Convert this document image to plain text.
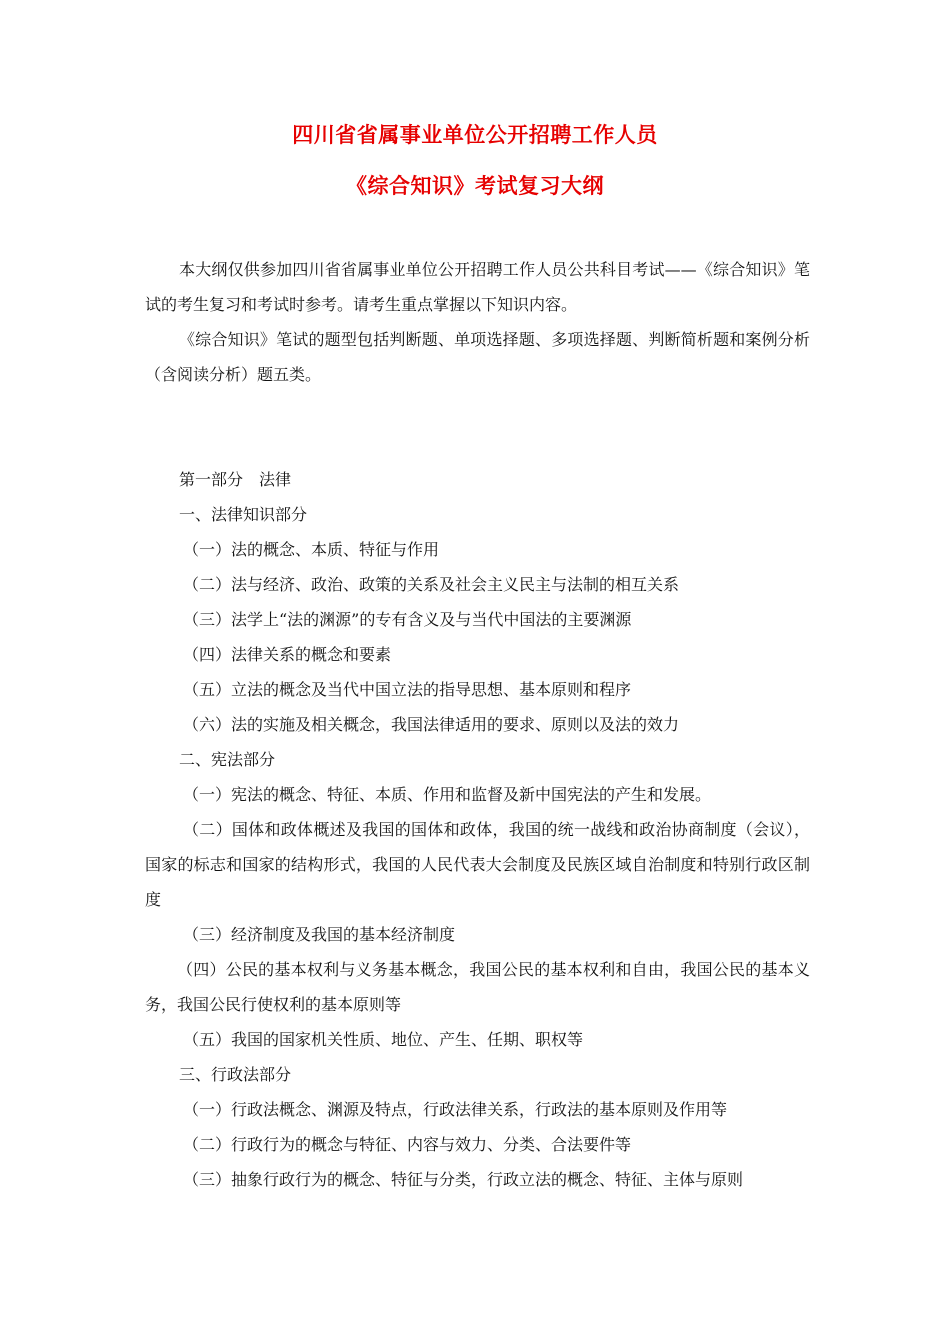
四川省省属事业单位公开招聘工作人员
《综合知识》考试复习大纲

本大纲仅供参加四川省省属事业单位公开招聘工作人员公共科目考试——《综合知识》笔试的考生复习和考试时参考。请考生重点掌握以下知识内容。

《综合知识》笔试的题型包括判断题、单项选择题、多项选择题、判断简析题和案例分析（含阅读分析）题五类。

第一部分　法律

一、法律知识部分

（一）法的概念、本质、特征与作用

（二）法与经济、政治、政策的关系及社会主义民主与法制的相互关系

（三）法学上“法的渊源”的专有含义及与当代中国法的主要渊源

（四）法律关系的概念和要素

（五）立法的概念及当代中国立法的指导思想、基本原则和程序

（六）法的实施及相关概念，我国法律适用的要求、原则以及法的效力

二、宪法部分

（一）宪法的概念、特征、本质、作用和监督及新中国宪法的产生和发展。

（二）国体和政体概述及我国的国体和政体，我国的统一战线和政治协商制度（会议），国家的标志和国家的结构形式，我国的人民代表大会制度及民族区域自治制度和特别行政区制度

（三）经济制度及我国的基本经济制度

（四）公民的基本权利与义务基本概念，我国公民的基本权利和自由，我国公民的基本义务，我国公民行使权利的基本原则等

（五）我国的国家机关性质、地位、产生、任期、职权等

三、行政法部分

（一）行政法概念、渊源及特点，行政法律关系，行政法的基本原则及作用等

（二）行政行为的概念与特征、内容与效力、分类、合法要件等

（三）抽象行政行为的概念、特征与分类，行政立法的概念、特征、主体与原则
